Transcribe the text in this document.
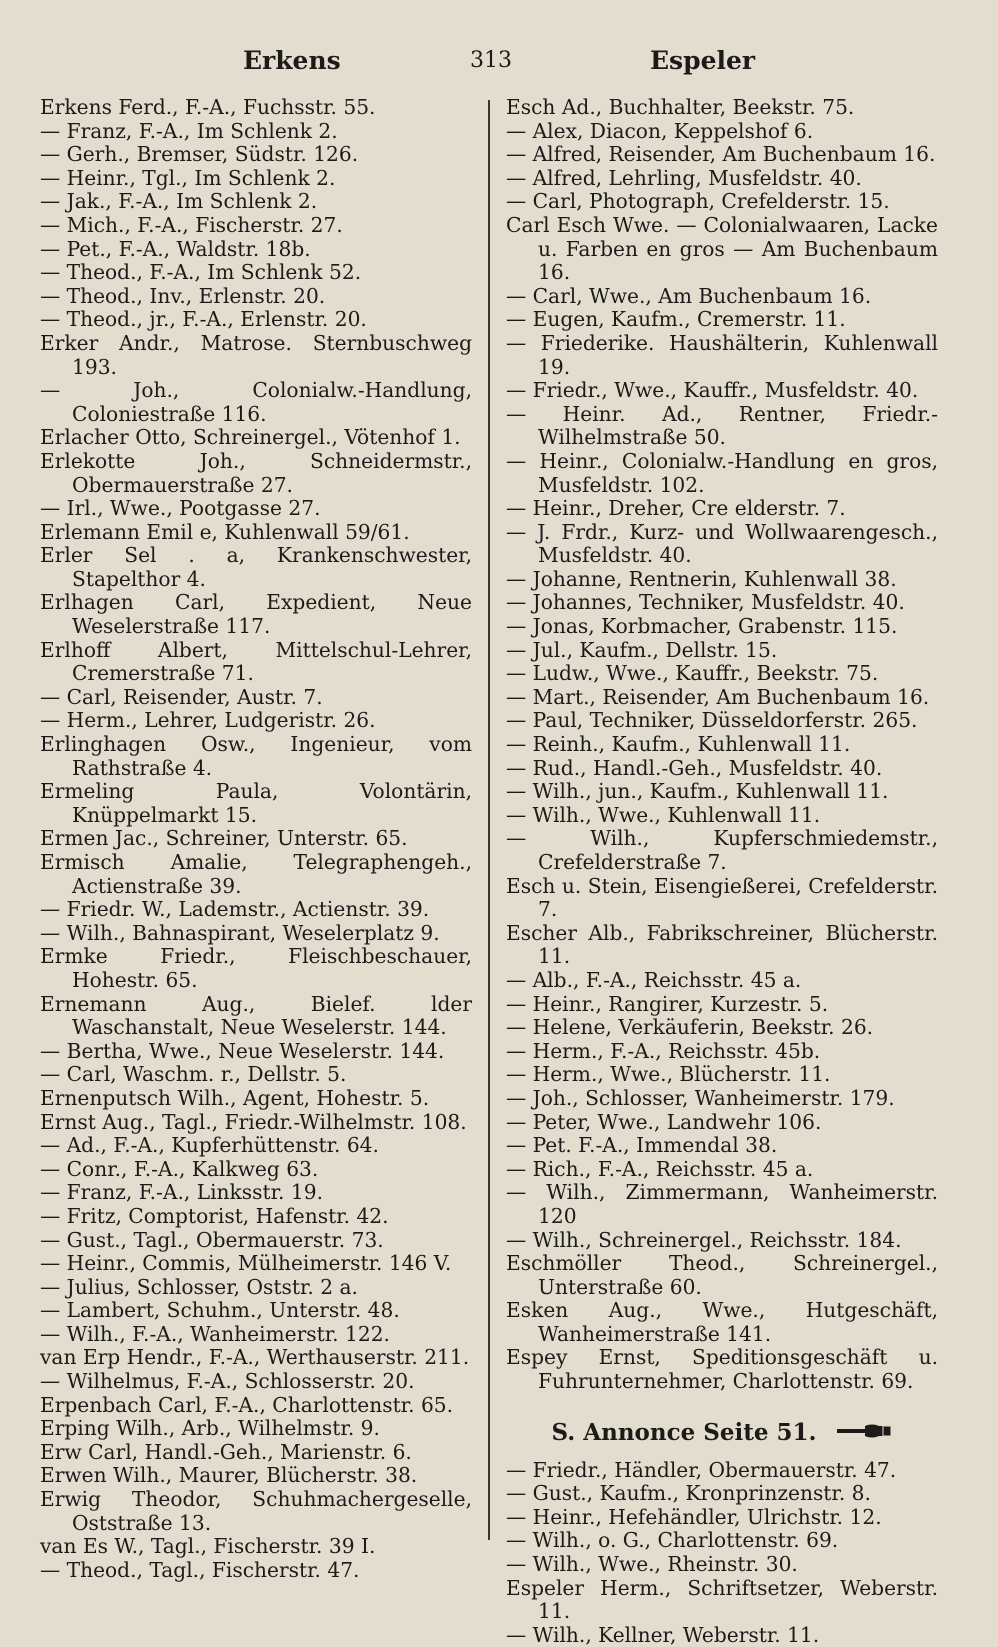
Erkens	313	Espeler
Erkens Ferd., F.-A., Fuchsstr. 55.
— Franz, F.-A., Im Schlenk 2.
— Gerh., Bremser, Südstr. 126.
— Heinr., Tgl., Im Schlenk 2.
— Jak., F.-A., Im Schlenk 2.
— Mich., F.-A., Fischerstr. 27.
— Pet., F.-A., Waldstr. 18b.
— Theod., F.-A., Im Schlenk 52.
— Theod., Inv., Erlenstr. 20.
— Theod., jr., F.-A., Erlenstr. 20.
Erker Andr., Matrose. Sternbuschweg 193.
— Joh., Colonialw.-Handlung, Coloniestraße 116.
Erlacher Otto, Schreinergel., Vötenhof 1.
Erlekotte Joh., Schneidermstr., Obermauerstraße 27.
— Irl., Wwe., Pootgasse 27.
Erlemann Emil e, Kuhlenwall 59/61.
Erler Sel . a, Krankenschwester, Stapelthor 4.
Erlhagen Carl, Expedient, Neue Weselerstraße 117.
Erlhoff Albert, Mittelschul-Lehrer, Cremerstraße 71.
— Carl, Reisender, Austr. 7.
— Herm., Lehrer, Ludgeristr. 26.
Erlinghagen Osw., Ingenieur, vom Rathstraße 4.
Ermeling Paula, Volontärin, Knüppelmarkt 15.
Ermen Jac., Schreiner, Unterstr. 65.
Ermisch Amalie, Telegraphengeh., Actienstraße 39.
— Friedr. W., Lademstr., Actienstr. 39.
— Wilh., Bahnaspirant, Weselerplatz 9.
Ermke Friedr., Fleischbeschauer, Hohestr. 65.
Ernemann Aug., Bielef. lder Waschanstalt, Neue Weselerstr. 144.
— Bertha, Wwe., Neue Weselerstr. 144.
— Carl, Waschm. r., Dellstr. 5.
Ernenputsch Wilh., Agent, Hohestr. 5.
Ernst Aug., Tagl., Friedr.-Wilhelmstr. 108.
— Ad., F.-A., Kupferhüttenstr. 64.
— Conr., F.-A., Kalkweg 63.
— Franz, F.-A., Linksstr. 19.
— Fritz, Comptorist, Hafenstr. 42.
— Gust., Tagl., Obermauerstr. 73.
— Heinr., Commis, Mülheimerstr. 146 V.
— Julius, Schlosser, Oststr. 2 a.
— Lambert, Schuhm., Unterstr. 48.
— Wilh., F.-A., Wanheimerstr. 122.
van Erp Hendr., F.-A., Werthauserstr. 211.
— Wilhelmus, F.-A., Schlosserstr. 20.
Erpenbach Carl, F.-A., Charlottenstr. 65.
Erping Wilh., Arb., Wilhelmstr. 9.
Erw Carl, Handl.-Geh., Marienstr. 6.
Erwen Wilh., Maurer, Blücherstr. 38.
Erwig Theodor, Schuhmachergeselle, Oststraße 13.
van Es W., Tagl., Fischerstr. 39 I.
— Theod., Tagl., Fischerstr. 47.
Esch Ad., Buchhalter, Beekstr. 75.
— Alex, Diacon, Keppelshof 6.
— Alfred, Reisender, Am Buchenbaum 16.
— Alfred, Lehrling, Musfeldstr. 40.
— Carl, Photograph, Crefelderstr. 15.
Carl Esch Wwe. — Colonialwaaren, Lacke u. Farben en gros — Am Buchenbaum 16.
— Carl, Wwe., Am Buchenbaum 16.
— Eugen, Kaufm., Cremerstr. 11.
— Friederike. Haushälterin, Kuhlenwall 19.
— Friedr., Wwe., Kauffr., Musfeldstr. 40.
— Heinr. Ad., Rentner, Friedr.-Wilhelmstraße 50.
— Heinr., Colonialw.-Handlung en gros, Musfeldstr. 102.
— Heinr., Dreher, Cre elderstr. 7.
— J. Frdr., Kurz- und Wollwaarengesch., Musfeldstr. 40.
— Johanne, Rentnerin, Kuhlenwall 38.
— Johannes, Techniker, Musfeldstr. 40.
— Jonas, Korbmacher, Grabenstr. 115.
— Jul., Kaufm., Dellstr. 15.
— Ludw., Wwe., Kauffr., Beekstr. 75.
— Mart., Reisender, Am Buchenbaum 16.
— Paul, Techniker, Düsseldorferstr. 265.
— Reinh., Kaufm., Kuhlenwall 11.
— Rud., Handl.-Geh., Musfeldstr. 40.
— Wilh., jun., Kaufm., Kuhlenwall 11.
— Wilh., Wwe., Kuhlenwall 11.
— Wilh., Kupferschmiedemstr., Crefelderstraße 7.
Esch u. Stein, Eisengießerei, Crefelderstr. 7.
Escher Alb., Fabrikschreiner, Blücherstr. 11.
— Alb., F.-A., Reichsstr. 45 a.
— Heinr., Rangirer, Kurzestr. 5.
— Helene, Verkäuferin, Beekstr. 26.
— Herm., F.-A., Reichsstr. 45b.
— Herm., Wwe., Blücherstr. 11.
— Joh., Schlosser, Wanheimerstr. 179.
— Peter, Wwe., Landwehr 106.
— Pet. F.-A., Immendal 38.
— Rich., F.-A., Reichsstr. 45 a.
— Wilh., Zimmermann, Wanheimerstr. 120
— Wilh., Schreinergel., Reichsstr. 184.
Eschmöller Theod., Schreinergel., Unterstraße 60.
Esken Aug., Wwe., Hutgeschäft, Wanheimerstraße 141.
Espey Ernst, Speditionsgeschäft u. Fuhrunternehmer, Charlottenstr. 69.
S. Annonce Seite 51.
— Friedr., Händler, Obermauerstr. 47.
— Gust., Kaufm., Kronprinzenstr. 8.
— Heinr., Hefehändler, Ulrichstr. 12.
— Wilh., o. G., Charlottenstr. 69.
— Wilh., Wwe., Rheinstr. 30.
Espeler Herm., Schriftsetzer, Weberstr. 11.
— Wilh., Kellner, Weberstr. 11.
